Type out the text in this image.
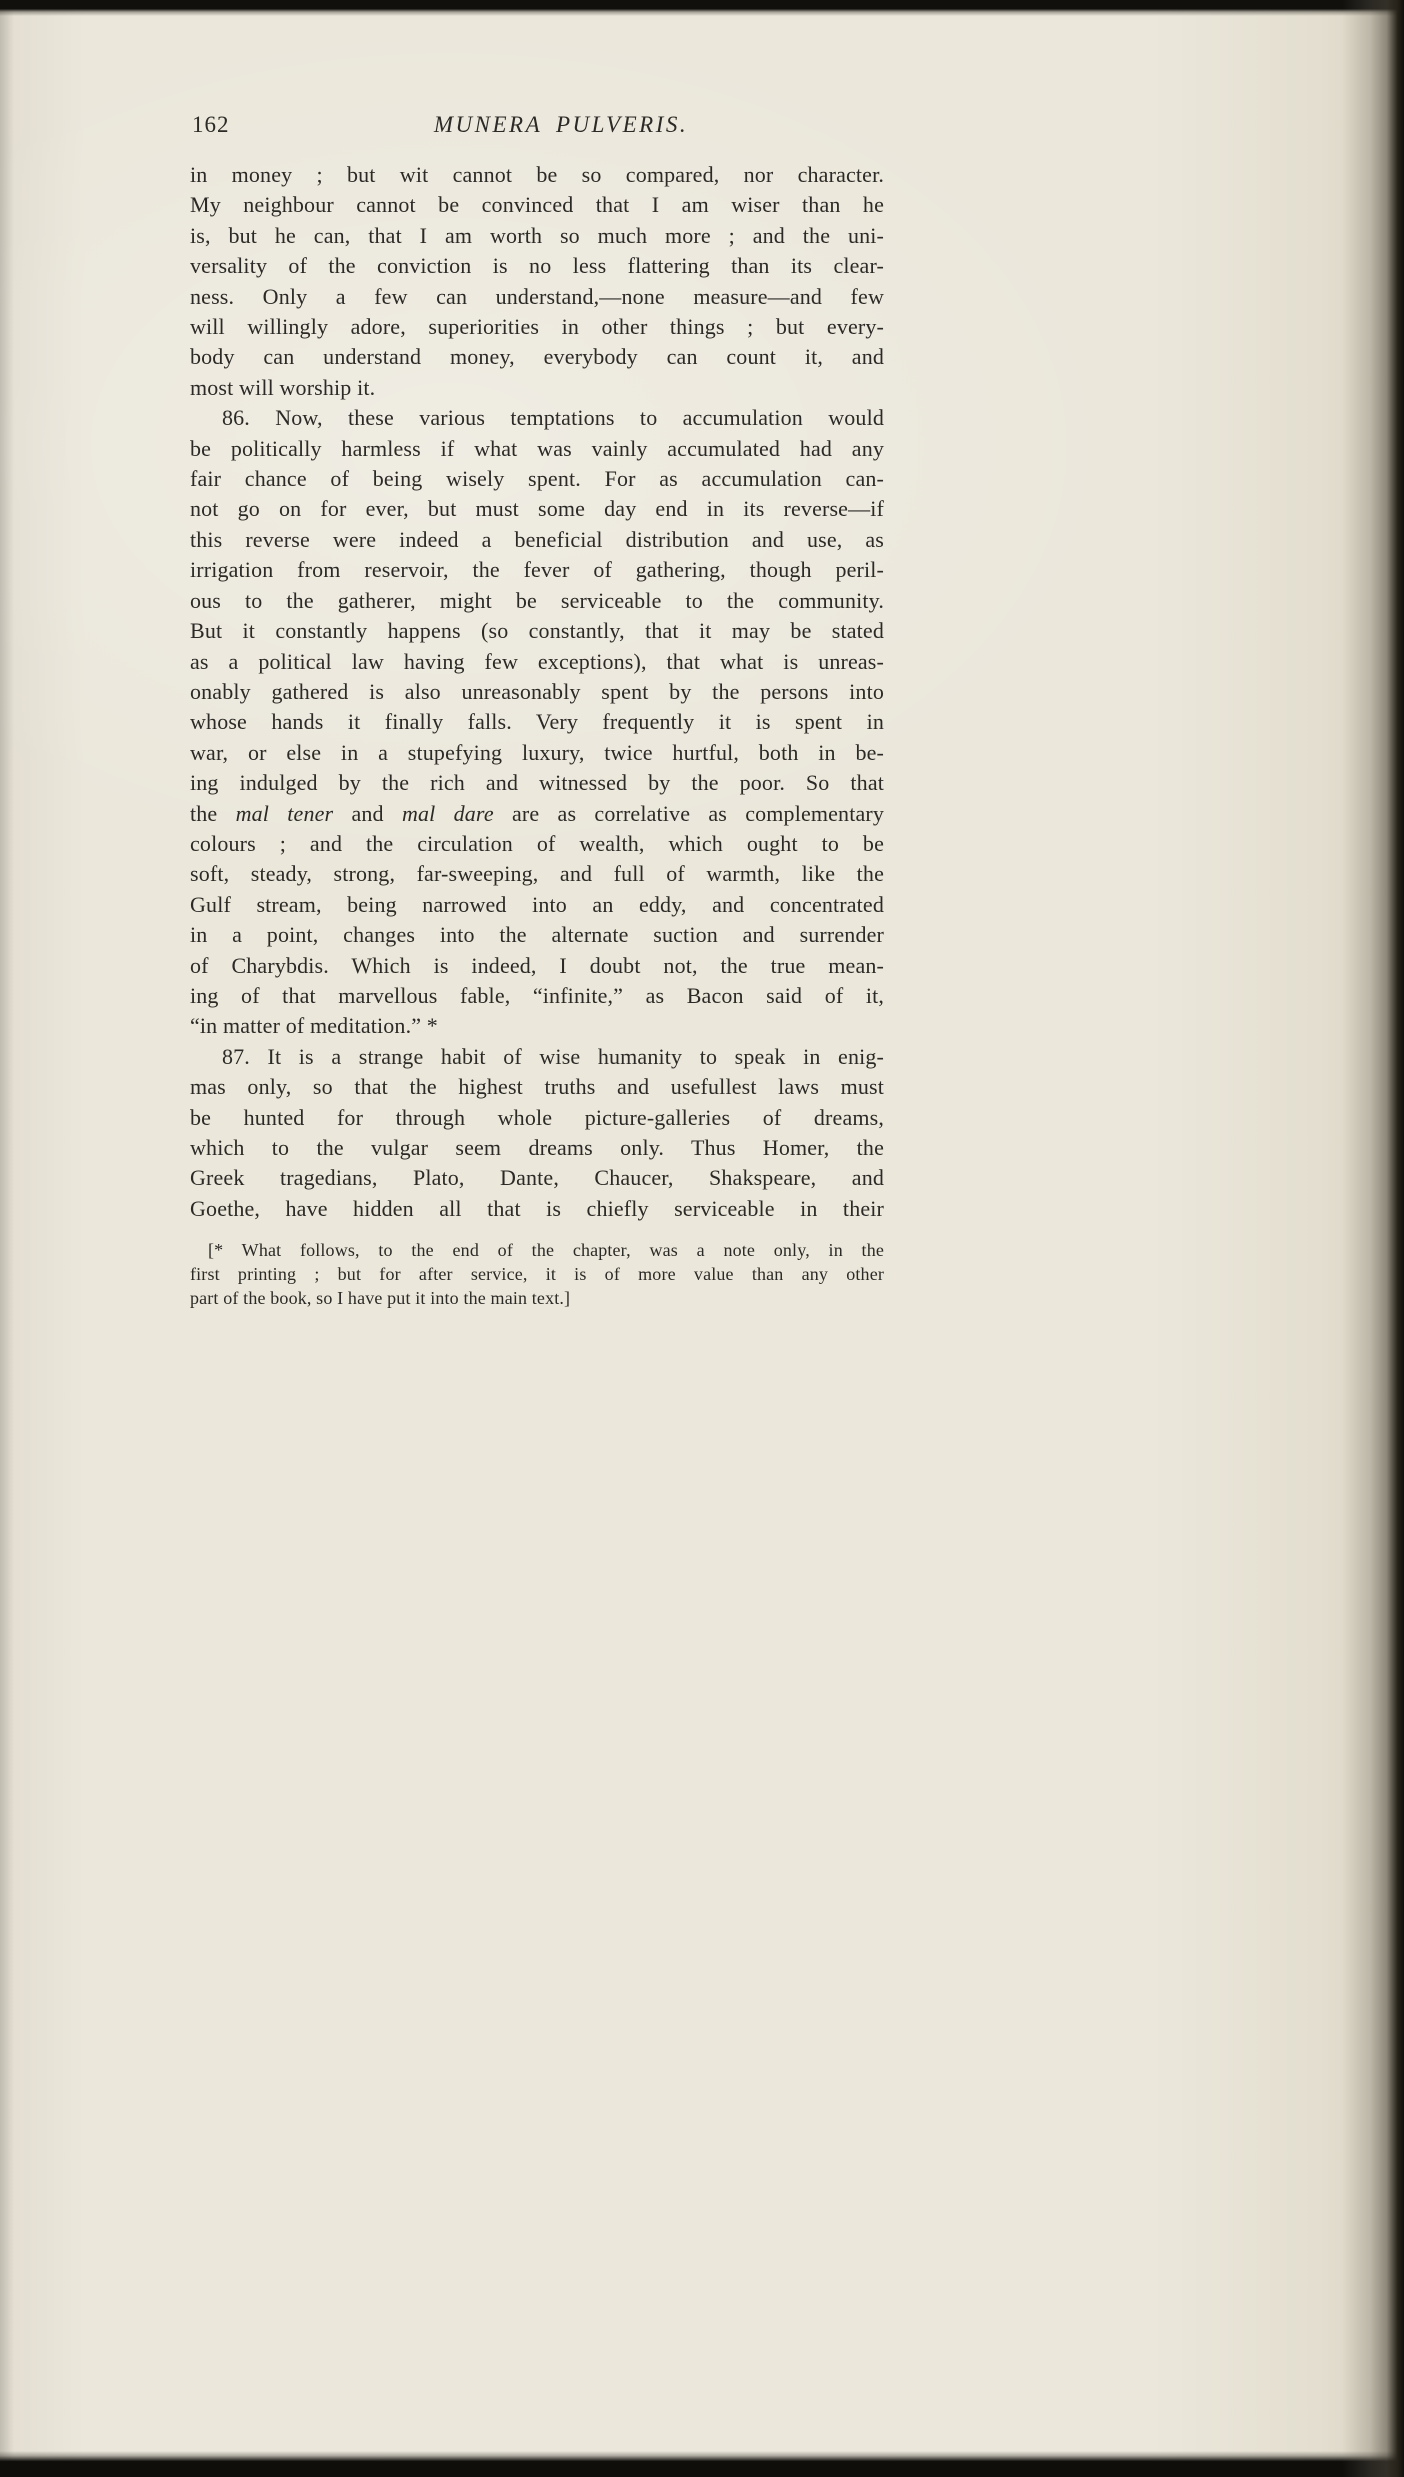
162	MUNERA PULVERIS.
in money ; but wit cannot be so compared, nor character.
My neighbour cannot be convinced that I am wiser than he
is, but he can, that I am worth so much more ; and the uni-
versality of the conviction is no less flattering than its clear-
ness. Only a few can understand,—none measure—and few
will willingly adore, superiorities in other things ; but every-
body can understand money, everybody can count it, and
most will worship it.
86. Now, these various temptations to accumulation would
be politically harmless if what was vainly accumulated had any
fair chance of being wisely spent. For as accumulation can-
not go on for ever, but must some day end in its reverse—if
this reverse were indeed a beneficial distribution and use, as
irrigation from reservoir, the fever of gathering, though peril-
ous to the gatherer, might be serviceable to the community.
But it constantly happens (so constantly, that it may be stated
as a political law having few exceptions), that what is unreas-
onably gathered is also unreasonably spent by the persons into
whose hands it finally falls. Very frequently it is spent in
war, or else in a stupefying luxury, twice hurtful, both in be-
ing indulged by the rich and witnessed by the poor. So that
the mal tener and mal dare are as correlative as complementary
colours ; and the circulation of wealth, which ought to be
soft, steady, strong, far-sweeping, and full of warmth, like the
Gulf stream, being narrowed into an eddy, and concentrated
in a point, changes into the alternate suction and surrender
of Charybdis. Which is indeed, I doubt not, the true mean-
ing of that marvellous fable, “infinite,” as Bacon said of it,
“in matter of meditation.” *
87. It is a strange habit of wise humanity to speak in enig-
mas only, so that the highest truths and usefullest laws must
be hunted for through whole picture-galleries of dreams,
which to the vulgar seem dreams only. Thus Homer, the
Greek tragedians, Plato, Dante, Chaucer, Shakspeare, and
Goethe, have hidden all that is chiefly serviceable in their
[* What follows, to the end of the chapter, was a note only, in the
first printing ; but for after service, it is of more value than any other
part of the book, so I have put it into the main text.]
